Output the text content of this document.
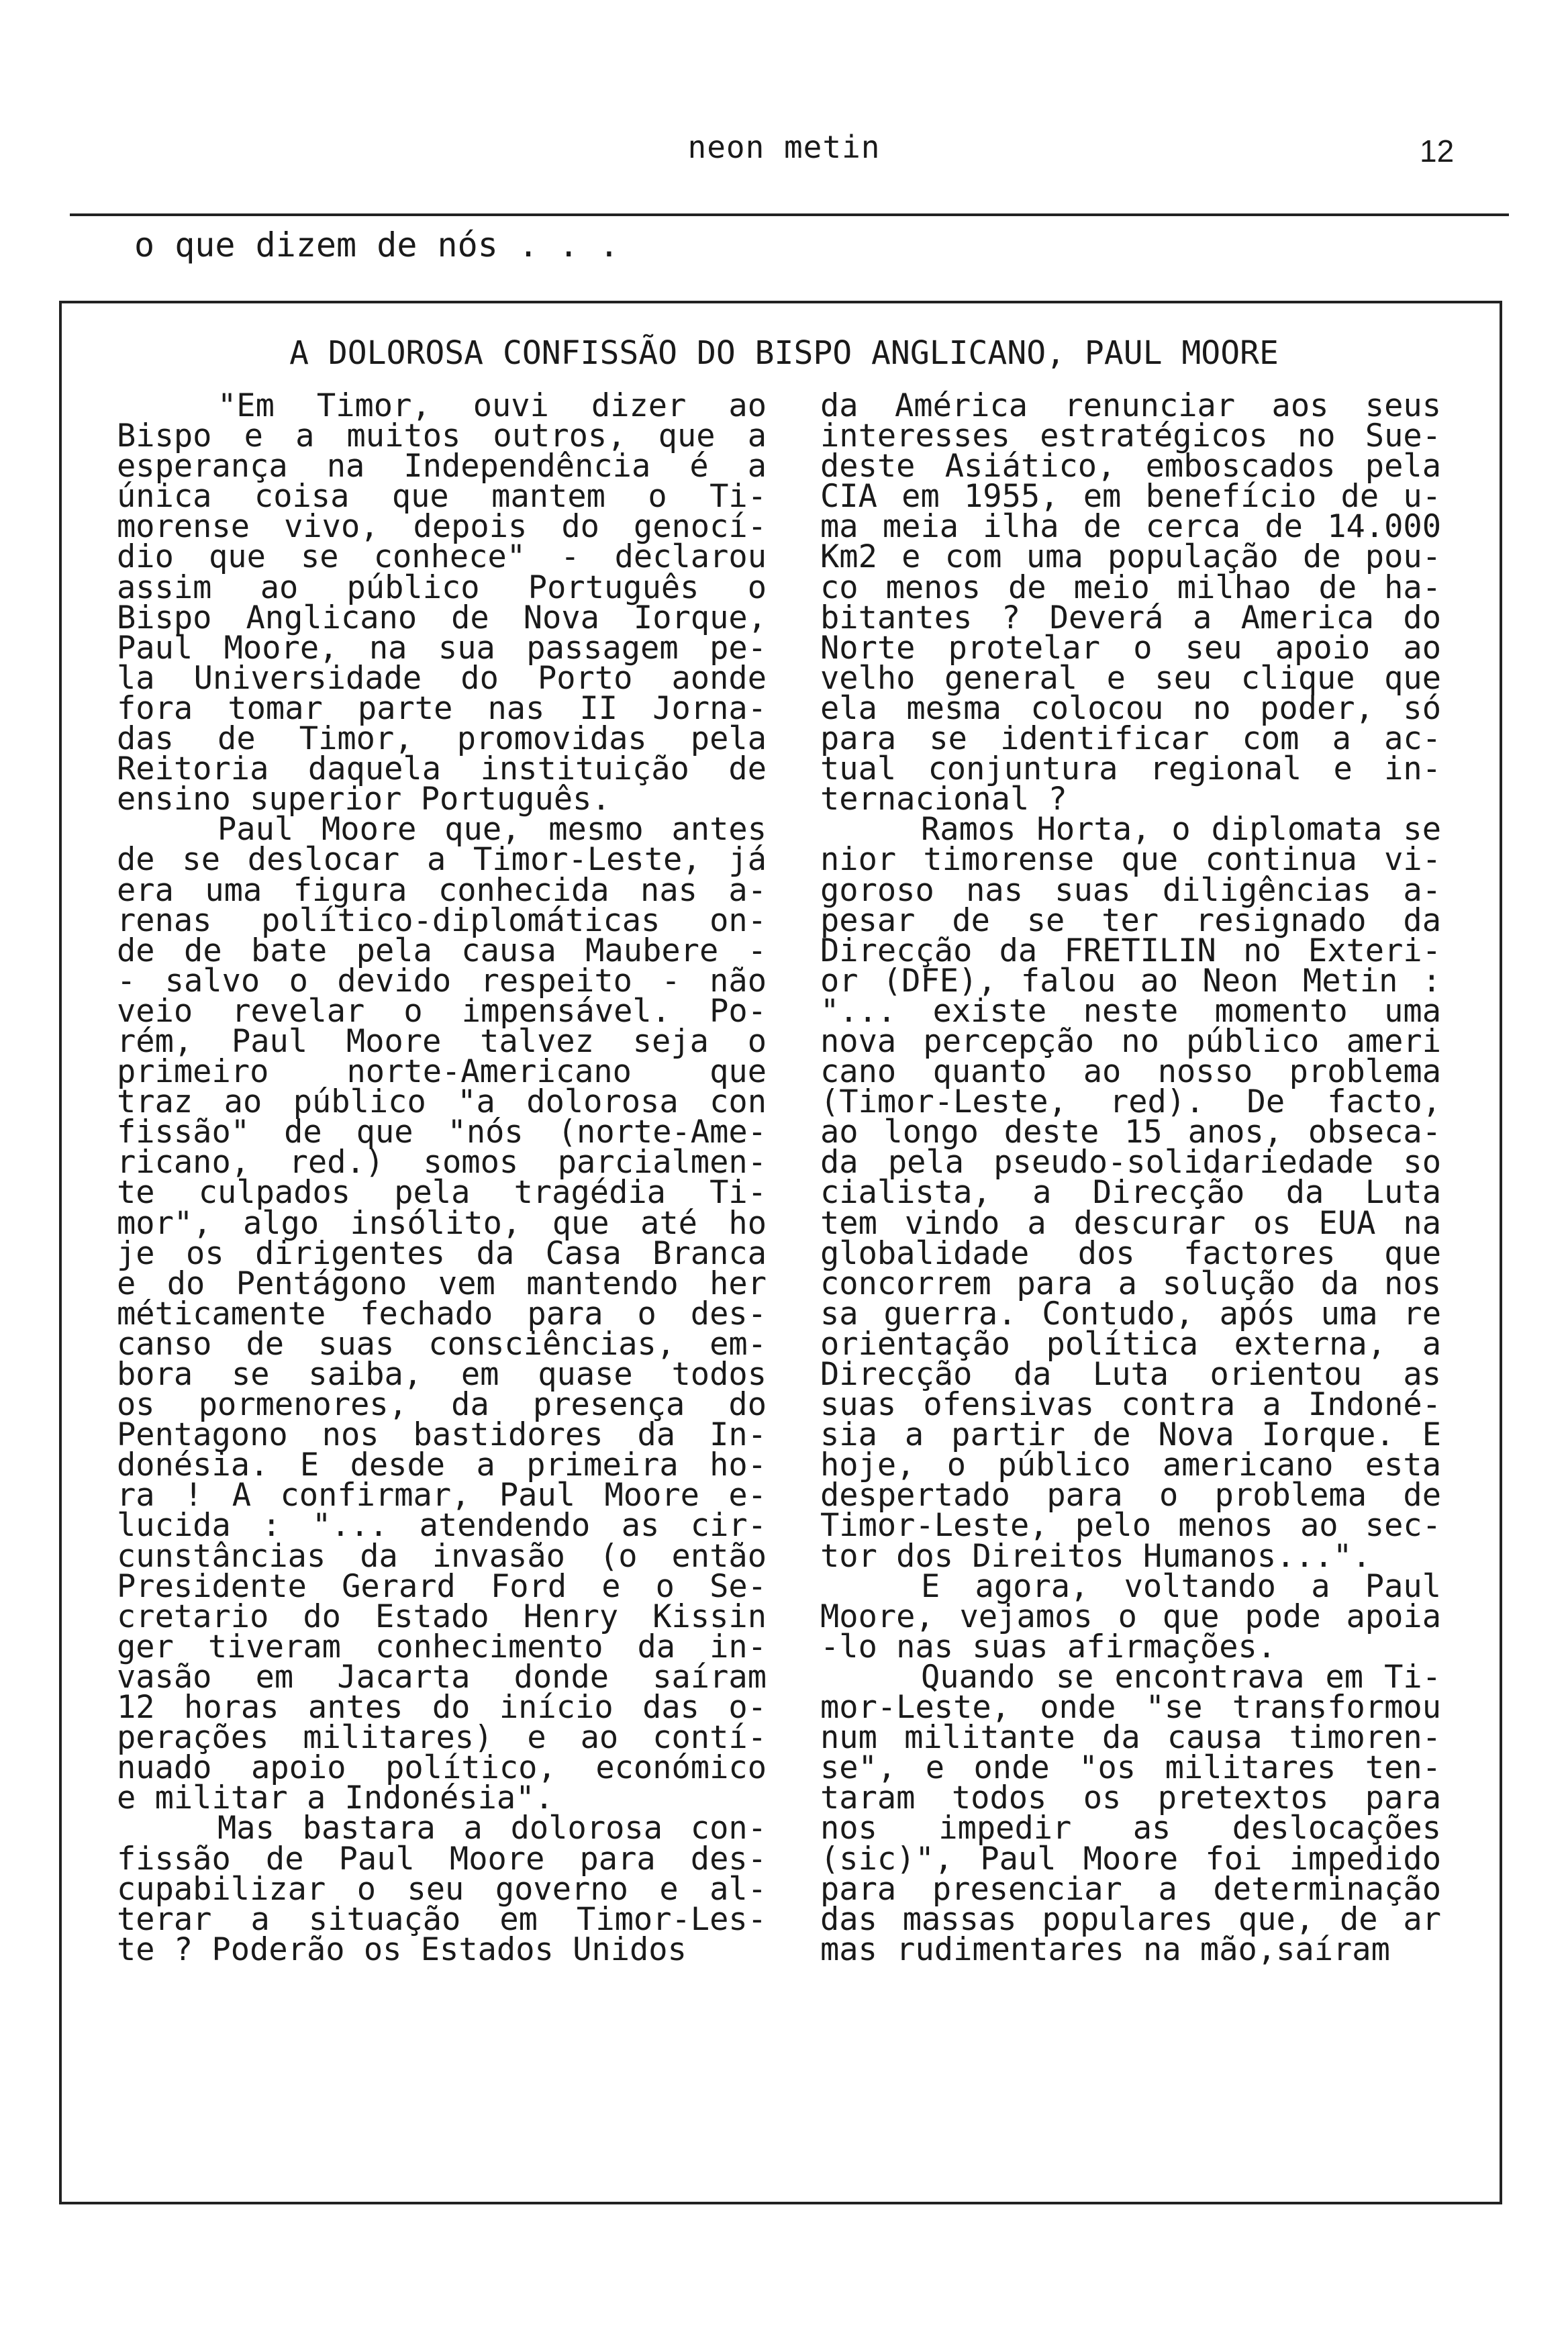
neon metin	12
o que dizem de nós . . .
A DOLOROSA CONFISSÃO DO BISPO ANGLICANO, PAUL MOORE
"Em Timor, ouvi dizer ao
Bispo e a muitos outros, que a
esperança na Independência é a
única coisa que mantem o Ti-
morense vivo, depois do genocí-
dio que se conhece" - declarou
assim ao público Português o
Bispo Anglicano de Nova Iorque,
Paul Moore, na sua passagem pe-
la Universidade do Porto aonde
fora tomar parte nas II Jorna-
das de Timor, promovidas pela
Reitoria daquela instituição de
ensino superior Português.
Paul Moore que, mesmo antes
de se deslocar a Timor-Leste, já
era uma figura conhecida nas a-
renas político-diplomáticas on-
de de bate pela causa Maubere -
- salvo o devido respeito - não
veio revelar o impensável. Po-
rém, Paul Moore talvez seja o
primeiro norte-Americano que
traz ao público "a dolorosa con
fissão" de que "nós (norte-Ame-
ricano, red.) somos parcialmen-
te culpados pela tragédia Ti-
mor", algo insólito, que até ho
je os dirigentes da Casa Branca
e do Pentágono vem mantendo her
méticamente fechado para o des-
canso de suas consciências, em-
bora se saiba, em quase todos
os pormenores, da presença do
Pentagono nos bastidores da In-
donésia. E desde a primeira ho-
ra ! A confirmar, Paul Moore e-
lucida : "... atendendo as cir-
cunstâncias da invasão (o então
Presidente Gerard Ford e o Se-
cretario do Estado Henry Kissin
ger tiveram conhecimento da in-
vasão em Jacarta donde saíram
12 horas antes do início das o-
perações militares) e ao contí-
nuado apoio político, económico
e militar a Indonésia".
Mas bastara a dolorosa con-
fissão de Paul Moore para des-
cupabilizar o seu governo e al-
terar a situação em Timor-Les-
te ? Poderão os Estados Unidos
da América renunciar aos seus
interesses estratégicos no Sue-
deste Asiático, emboscados pela
CIA em 1955, em benefício de u-
ma meia ilha de cerca de 14.000
Km2 e com uma população de pou-
co menos de meio milhao de ha-
bitantes ? Deverá a America do
Norte protelar o seu apoio ao
velho general e seu clique que
ela mesma colocou no poder, só
para se identificar com a ac-
tual conjuntura regional e in-
ternacional ?
Ramos Horta, o diplomata se
nior timorense que continua vi-
goroso nas suas diligências a-
pesar de se ter resignado da
Direcção da FRETILIN no Exteri-
or (DFE), falou ao Neon Metin :
"... existe neste momento uma
nova percepção no público ameri
cano quanto ao nosso problema
(Timor-Leste, red). De facto,
ao longo deste 15 anos, obseca-
da pela pseudo-solidariedade so
cialista, a Direcção da Luta
tem vindo a descurar os EUA na
globalidade dos factores que
concorrem para a solução da nos
sa guerra. Contudo, após uma re
orientação política externa, a
Direcção da Luta orientou as
suas ofensivas contra a Indoné-
sia a partir de Nova Iorque. E
hoje, o público americano esta
despertado para o problema de
Timor-Leste, pelo menos ao sec-
tor dos Direitos Humanos...".
E agora, voltando a Paul
Moore, vejamos o que pode apoia
-lo nas suas afirmações.
Quando se encontrava em Ti-
mor-Leste, onde "se transformou
num militante da causa timoren-
se", e onde "os militares ten-
taram todos os pretextos para
nos impedir as deslocações
(sic)", Paul Moore foi impedido
para presenciar a determinação
das massas populares que, de ar
mas rudimentares na mão,saíram
